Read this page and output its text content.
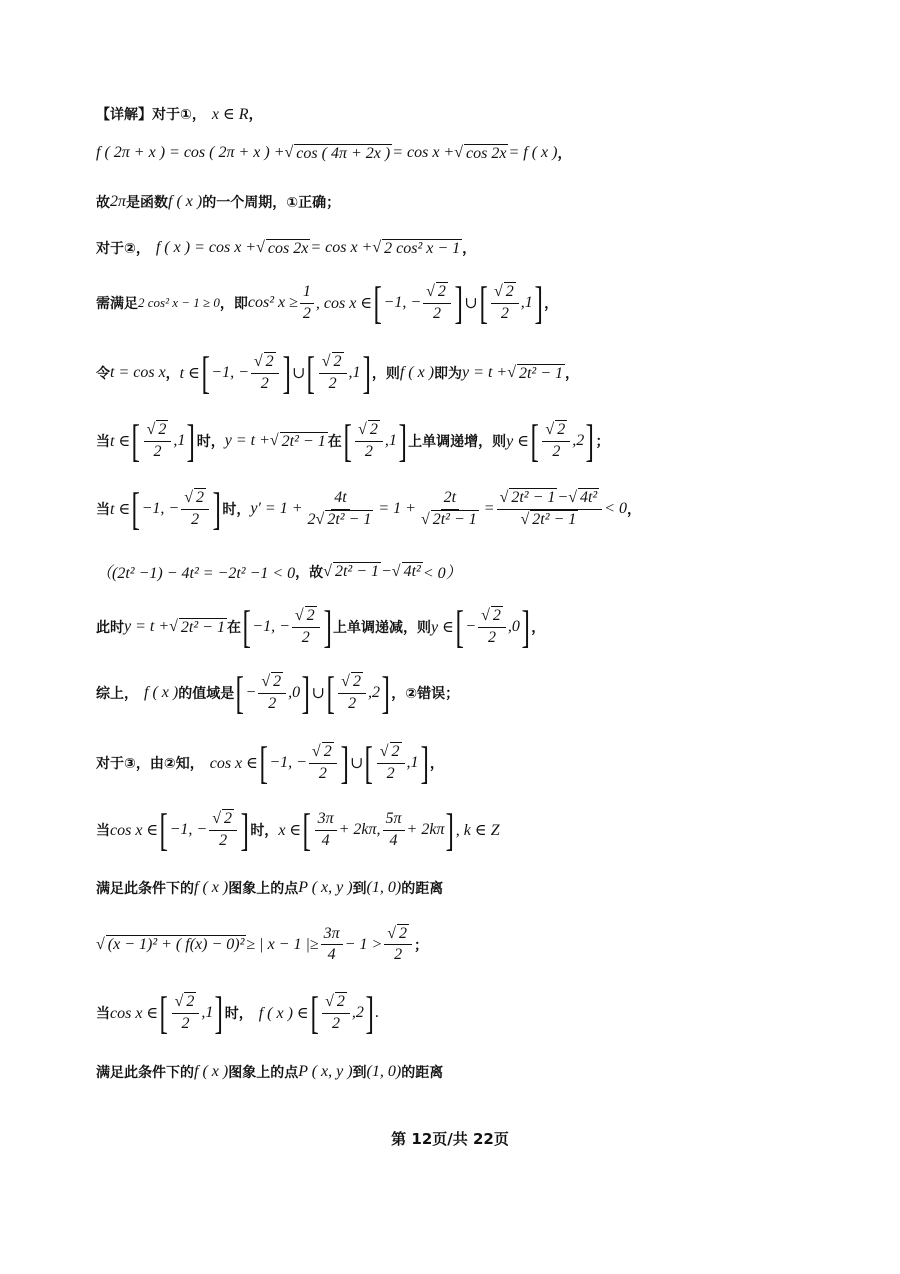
【详解】 对于①， x ∈ R ，
f ( 2π + x ) = cos ( 2π + x ) + √ cos ( 4π + 2x ) = cos x + √ cos 2x = f ( x ) ，
故 2π 是函数 f ( x ) 的一个周期，①正确；
对于②， f ( x ) = cos x + √ cos 2x = cos x + √ 2 cos² x − 1 ，
需满足 2 cos² x − 1 ≥ 0 ，即 cos² $x \ge \frac{1}{2}$ , cos x ∈ [ −1, − $\frac{√ 2}{2}$ ] ∪ [ $\frac{√ 2}{2} ,1$ ] ，
令 t = cos x ， t ∈ [ −1, − $\frac{√ 2}{2}$ ] ∪ [ $\frac{√ 2}{2} ,1$ ] ，则 f ( x ) 即为 y = t + √ 2t² − 1 ，
当 t ∈ [ $\frac{√ 2}{2} ,1$ ] 时， y = t + √ 2t² − 1 在 [ $\frac{√ 2}{2} ,1$ ] 上单调递增，则 y ∈ [ $\frac{√ 2}{2} ,2$ ] ；
当 t ∈ [ −1, − $\frac{√ 2}{2}$ ] 时， $y' = 1 + \frac{4t}{\text{2√ 2t² − 1}} = 1 + \frac{2t}{\text{√ 2t² − 1}} = \frac{\text{√ 2t² − 1 −√ 4t²}}{\text{√ 2t² − 1}} < 0$ ，
（(2t² −1) − 4t² = −2t² −1 < 0 ，故 √ 2t² − 1 − √ 4t² < 0）
此时 y = t + √ 2t² − 1 在 [ −1, − $\frac{√ 2}{2}$ ] 上单调递减，则 y ∈ [ − $\frac{√ 2}{2} ,0$ ] ，
综上， f ( x ) 的值域是 [ − $\frac{√ 2}{2} ,0$ ] ∪ [ $\frac{√ 2}{2} ,2$ ] ，②错误；
对于③，由②知， cos x ∈ [ −1, − $\frac{√ 2}{2}$ ] ∪ [ $\frac{√ 2}{2} ,1$ ] ，
当 cos x ∈ [ −1, − $\frac{√ 2}{2}$ ] 时， x ∈ [ $\frac{3\pi}{4} + 2k\pi$, $\frac{5\pi}{4} + 2k\pi$ ] , k ∈ Z
满足此条件下的 f ( x ) 图象上的点 P ( x, y ) 到 (1, 0) 的距离
√ (x − 1)² + ( f(x) − 0)² ≥ | x − 1 |≥ $\frac{3\pi}{4} - 1 > \frac{√ 2}{2}$ ；
当 cos x ∈ [ $\frac{√ 2}{2} ,1$ ] 时， f ( x ) ∈ [ $\frac{√ 2}{2} ,2$ ] .
满足此条件下的 f ( x ) 图象上的点 P ( x, y ) 到 (1, 0) 的距离
第 12页/共 22页
